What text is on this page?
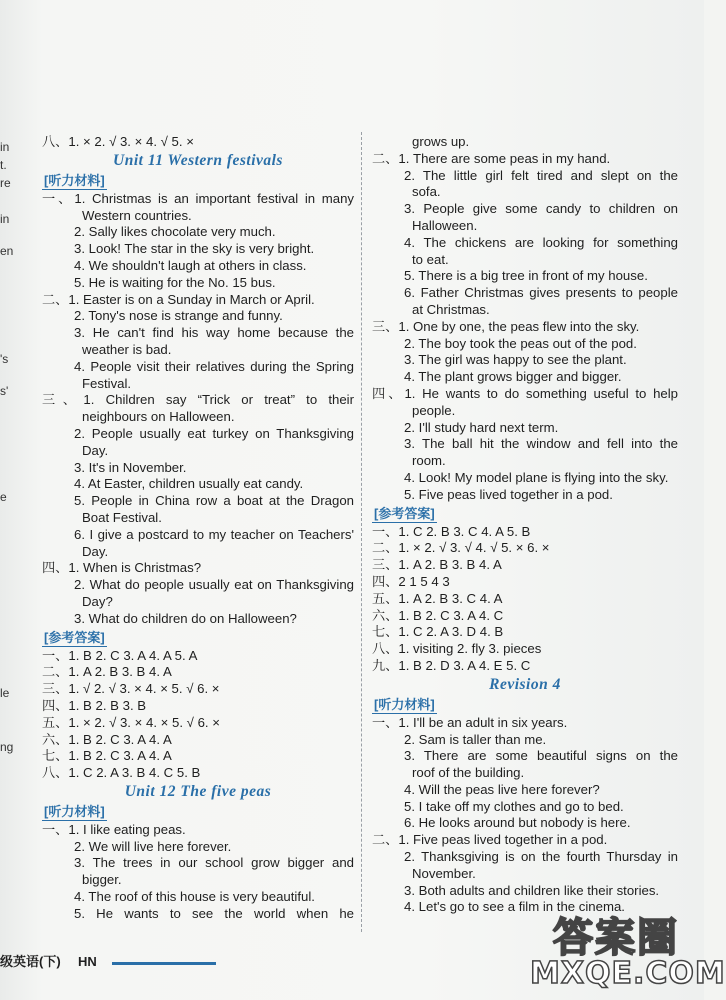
in
t.
re
in
en
's
s'
e
le
ng
八、1. × 2. √ 3. × 4. √ 5. ×
Unit 11 Western festivals
[听力材料]
一、1. Christmas is an important festival in many
Western countries.
2. Sally likes chocolate very much.
3. Look! The star in the sky is very bright.
4. We shouldn't laugh at others in class.
5. He is waiting for the No. 15 bus.
二、1. Easter is on a Sunday in March or April.
2. Tony's nose is strange and funny.
3. He can't find his way home because the
weather is bad.
4. People visit their relatives during the Spring
Festival.
三、1. Children say “Trick or treat” to their
neighbours on Halloween.
2. People usually eat turkey on Thanksgiving
Day.
3. It's in November.
4. At Easter, children usually eat candy.
5. People in China row a boat at the Dragon
Boat Festival.
6. I give a postcard to my teacher on Teachers'
Day.
四、1. When is Christmas?
2. What do people usually eat on Thanksgiving
Day?
3. What do children do on Halloween?
[参考答案]
一、1. B 2. C 3. A 4. A 5. A
二、1. A 2. B 3. B 4. A
三、1. √ 2. √ 3. × 4. × 5. √ 6. ×
四、1. B 2. B 3. B
五、1. × 2. √ 3. × 4. × 5. √ 6. ×
六、1. B 2. C 3. A 4. A
七、1. B 2. C 3. A 4. A
八、1. C 2. A 3. B 4. C 5. B
Unit 12 The five peas
[听力材料]
一、1. I like eating peas.
2. We will live here forever.
3. The trees in our school grow bigger and
bigger.
4. The roof of this house is very beautiful.
5. He wants to see the world when he
grows up.
二、1. There are some peas in my hand.
2. The little girl felt tired and slept on the
sofa.
3. People give some candy to children on
Halloween.
4. The chickens are looking for something
to eat.
5. There is a big tree in front of my house.
6. Father Christmas gives presents to people
at Christmas.
三、1. One by one, the peas flew into the sky.
2. The boy took the peas out of the pod.
3. The girl was happy to see the plant.
4. The plant grows bigger and bigger.
四、1. He wants to do something useful to help
people.
2. I'll study hard next term.
3. The ball hit the window and fell into the
room.
4. Look! My model plane is flying into the sky.
5. Five peas lived together in a pod.
[参考答案]
一、1. C 2. B 3. C 4. A 5. B
二、1. × 2. √ 3. √ 4. √ 5. × 6. ×
三、1. A 2. B 3. B 4. A
四、2 1 5 4 3
五、1. A 2. B 3. C 4. A
六、1. B 2. C 3. A 4. C
七、1. C 2. A 3. D 4. B
八、1. visiting 2. fly 3. pieces
九、1. B 2. D 3. A 4. E 5. C
Revision 4
[听力材料]
一、1. I'll be an adult in six years.
2. Sam is taller than me.
3. There are some beautiful signs on the
roof of the building.
4. Will the peas live here forever?
5. I take off my clothes and go to bed.
6. He looks around but nobody is here.
二、1. Five peas lived together in a pod.
2. Thanksgiving is on the fourth Thursday in
November.
3. Both adults and children like their stories.
4. Let's go to see a film in the cinema.
级英语(下) HN
答案圈
MXQE.COM
